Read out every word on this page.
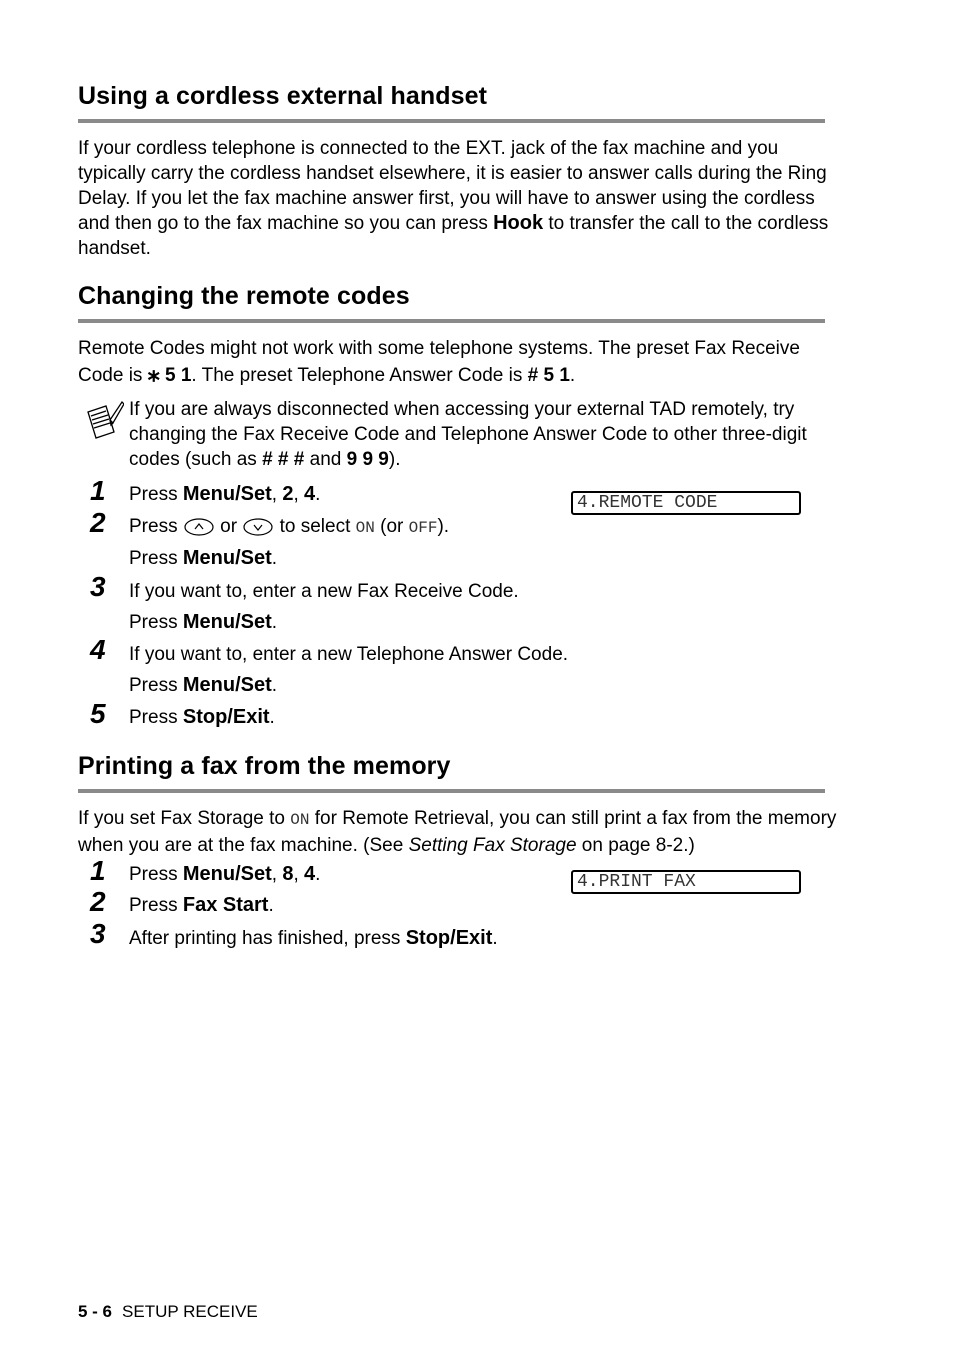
Using a cordless external handset

If your cordless telephone is connected to the EXT. jack of the fax machine and you typically carry the cordless handset elsewhere, it is easier to answer calls during the Ring Delay. If you let the fax machine answer first, you will have to answer using the cordless and then go to the fax machine so you can press Hook to transfer the call to the cordless handset.

Changing the remote codes

Remote Codes might not work with some telephone systems. The preset Fax Receive Code is ⁎ 5 1. The preset Telephone Answer Code is # 5 1.

If you are always disconnected when accessing your external TAD remotely, try changing the Fax Receive Code and Telephone Answer Code to other three-digit codes (such as # # # and 9 9 9).

4.REMOTE CODE
1 Press Menu/Set, 2, 4.
2 Press  or  to select ON (or OFF).
Press Menu/Set.
3 If you want to, enter a new Fax Receive Code.
Press Menu/Set.
4 If you want to, enter a new Telephone Answer Code.
Press Menu/Set.
5 Press Stop/Exit.
Printing a fax from the memory

If you set Fax Storage to ON for Remote Retrieval, you can still print a fax from the memory when you are at the fax machine. (See Setting Fax Storage on page 8-2.)

4.PRINT FAX
1 Press Menu/Set, 8, 4.
2 Press Fax Start.
3 After printing has finished, press Stop/Exit.
5 - 6 SETUP RECEIVE
